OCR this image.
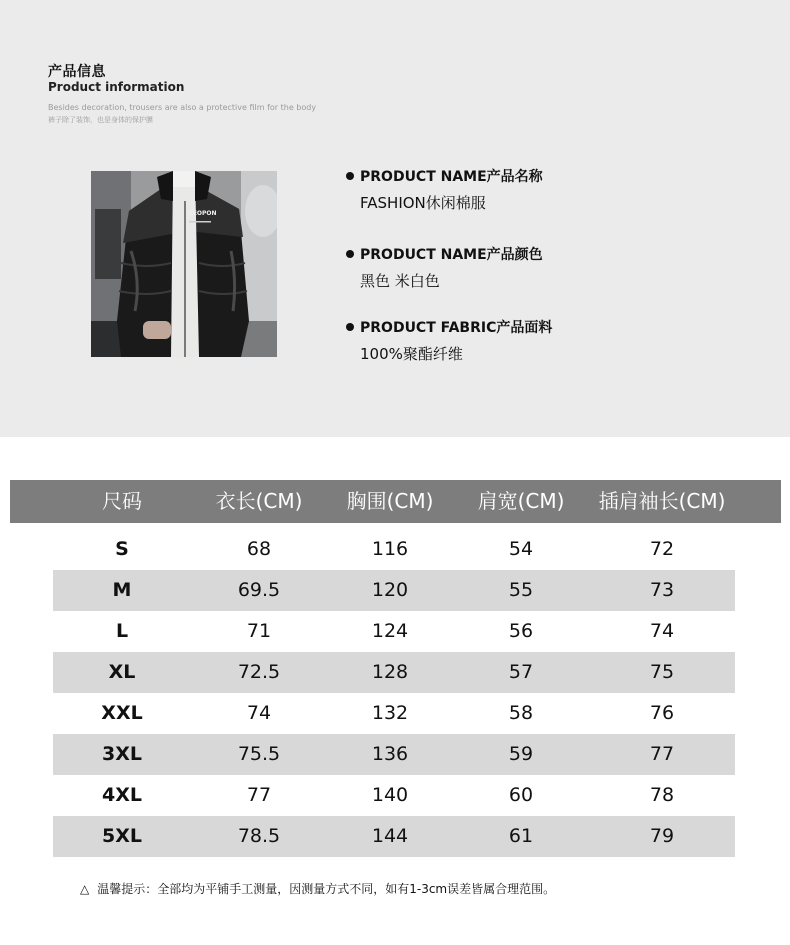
产品信息
Product information
Besides decoration, trousers are also a protective film for the body
裤子除了装饰，也是身体的保护膜
LEOPON
PRODUCT NAME产品名称
FASHION休闲棉服
PRODUCT NAME产品颜色
黑色 米白色
PRODUCT FABRIC产品面料
100%聚酯纤维
尺码	衣长(CM) 胸围(CM) 肩宽(CM) 插肩袖长(CM)
S	68	116	54	72
M	69.5	120	55	73
L	71	124	56	74
XL	72.5	128	57	75
XXL	74	132	58	76
3XL	75.5	136	59	77
4XL	77	140	60	78
5XL	78.5	144	61	79
△ 温馨提示：全部均为平铺手工测量，因测量方式不同，如有1-3cm误差皆属合理范围。
